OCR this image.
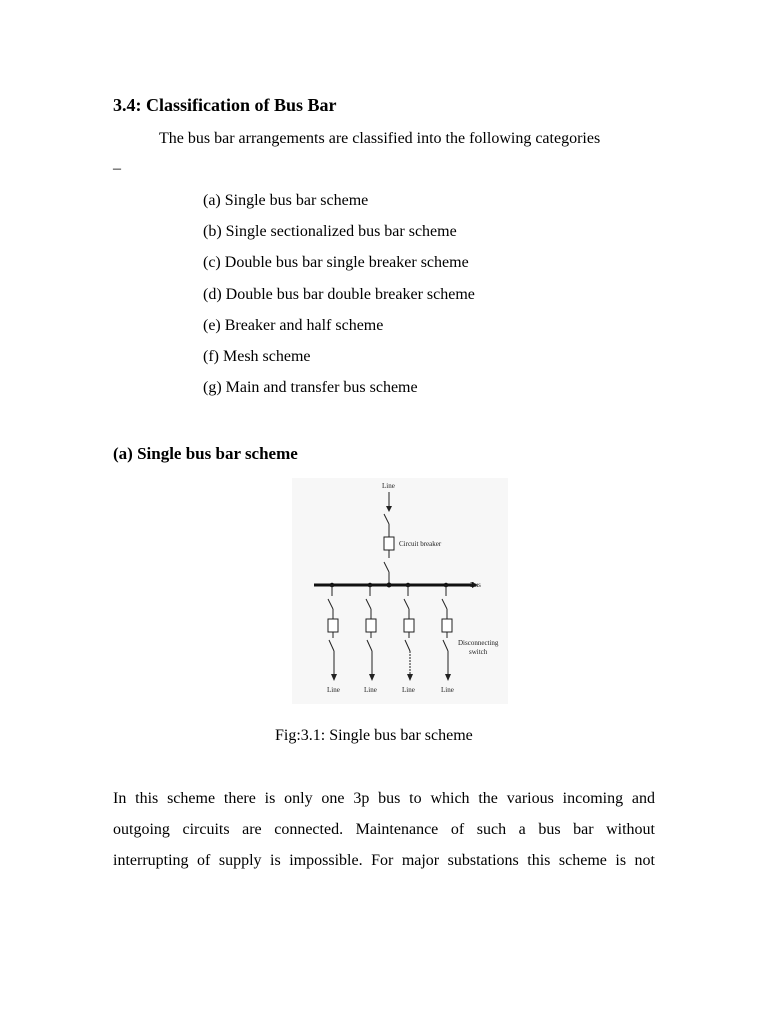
3.4: Classification of Bus Bar
The bus bar arrangements are classified into the following categories
–
(a) Single bus bar scheme
(b) Single sectionalized bus bar scheme
(c) Double bus bar single breaker scheme
(d) Double bus bar double breaker scheme
(e) Breaker and half scheme
(f) Mesh scheme
(g) Main and transfer bus scheme
(a) Single bus bar scheme
Line
Circuit breaker
Bus
Disconnecting
switch
Line	Line	Line	Line
Fig:3.1: Single bus bar scheme
In this scheme there is only one 3p bus to which the various incoming and
outgoing circuits are connected. Maintenance of such a bus bar without
interrupting of supply is impossible. For major substations this scheme is not
